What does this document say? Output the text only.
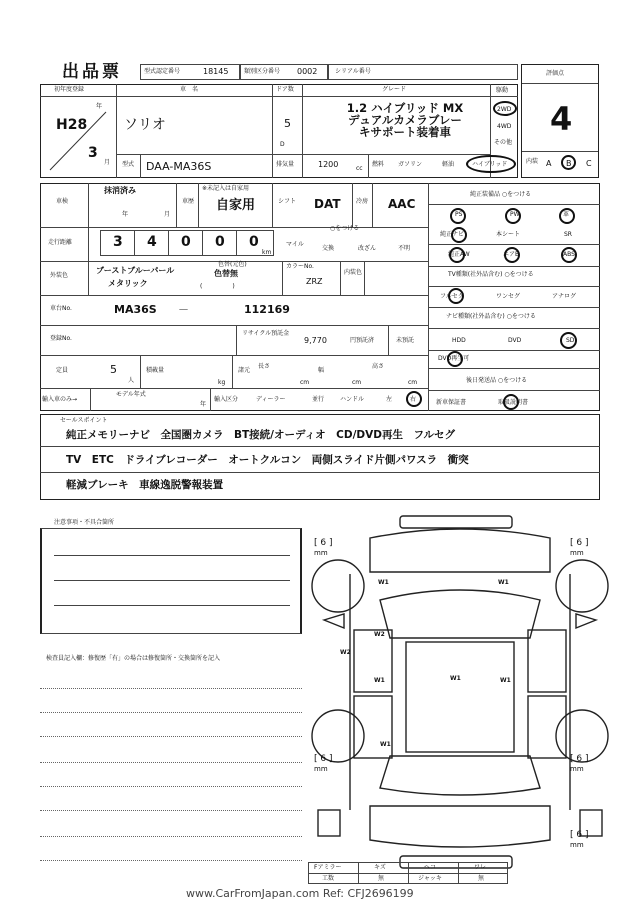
出品票	型式認定番号	18145	類別区分番号 0002	シリアル番号	評価点
4
内装 A B C
初年度登録
年
H28
3
月
車　名
ソリオ
ドア数
5
D
グレード
1.2 ハイブリッド MX
デュアルカメラブレー
キサポート装着車
駆動
2WD
4WD
その他
型式 DAA-MA36S	排気量	1200	cc
燃料 ガソリン	軽油	ハイブリッド
車検
抹消済み
年	月
車歴
※未記入は自家用
自家用	シフト DAT	冷房 AAC
純正装備品 ○をつける
PS	PW	革
純正ナビ	本シート	SR
純正AW	エアB	ABS
走行距離	3 4 0 0 0
km
○をつける
マイル
交換	改ざん	不明
外装色
ブーストブルーパール
メタリック
色替(元色)
色替無
(　　　　　)
カラーNo.
ZRZ
内装色	TV種類(社外品含む) ○をつける
フルセグ	ワンセグ	アナログ
車台No.	MA36S －	112169
ナビ種類(社外品含む) ○をつける
HDD	DVD	SD
DVD再生可
登録No.
リサイクル預託金
9,770	円預託済	未預託
定員	5
人
積載量
kg
諸元
長さ
cm
幅
cm
高さ
cm	後日発送品 ○をつける
新車保証書	取扱説明書
輸入車のみ→
モデル年式
年
輸入区分	ディーラー	並行	ハンドル	左	右
セールスポイント
純正メモリーナビ　全国圏カメラ　BT接続/オーディオ　CD/DVD再生　フルセグ
TV　ETC　ドライブレコーダー　オートクルコン　両側スライド片側パワスラ　衝突
軽減ブレーキ　車線逸脱警報装置
注意事項・不具合箇所
検査員記入欄：修復歴「有」の場合は修復箇所・交換箇所を記入
W1	W1
W2
W2
W1	W1	W1
W1
[ 6 ]
mm
[ 6 ]
mm
[ 6 ]
mm
[ 6 ]
mm
[ 6 ]
mm
Fアミラー	キズ	ヘコ	ワレ
工数	無	ジャッキ	無
www.CarFromJapan.com Ref: CFJ2696199
